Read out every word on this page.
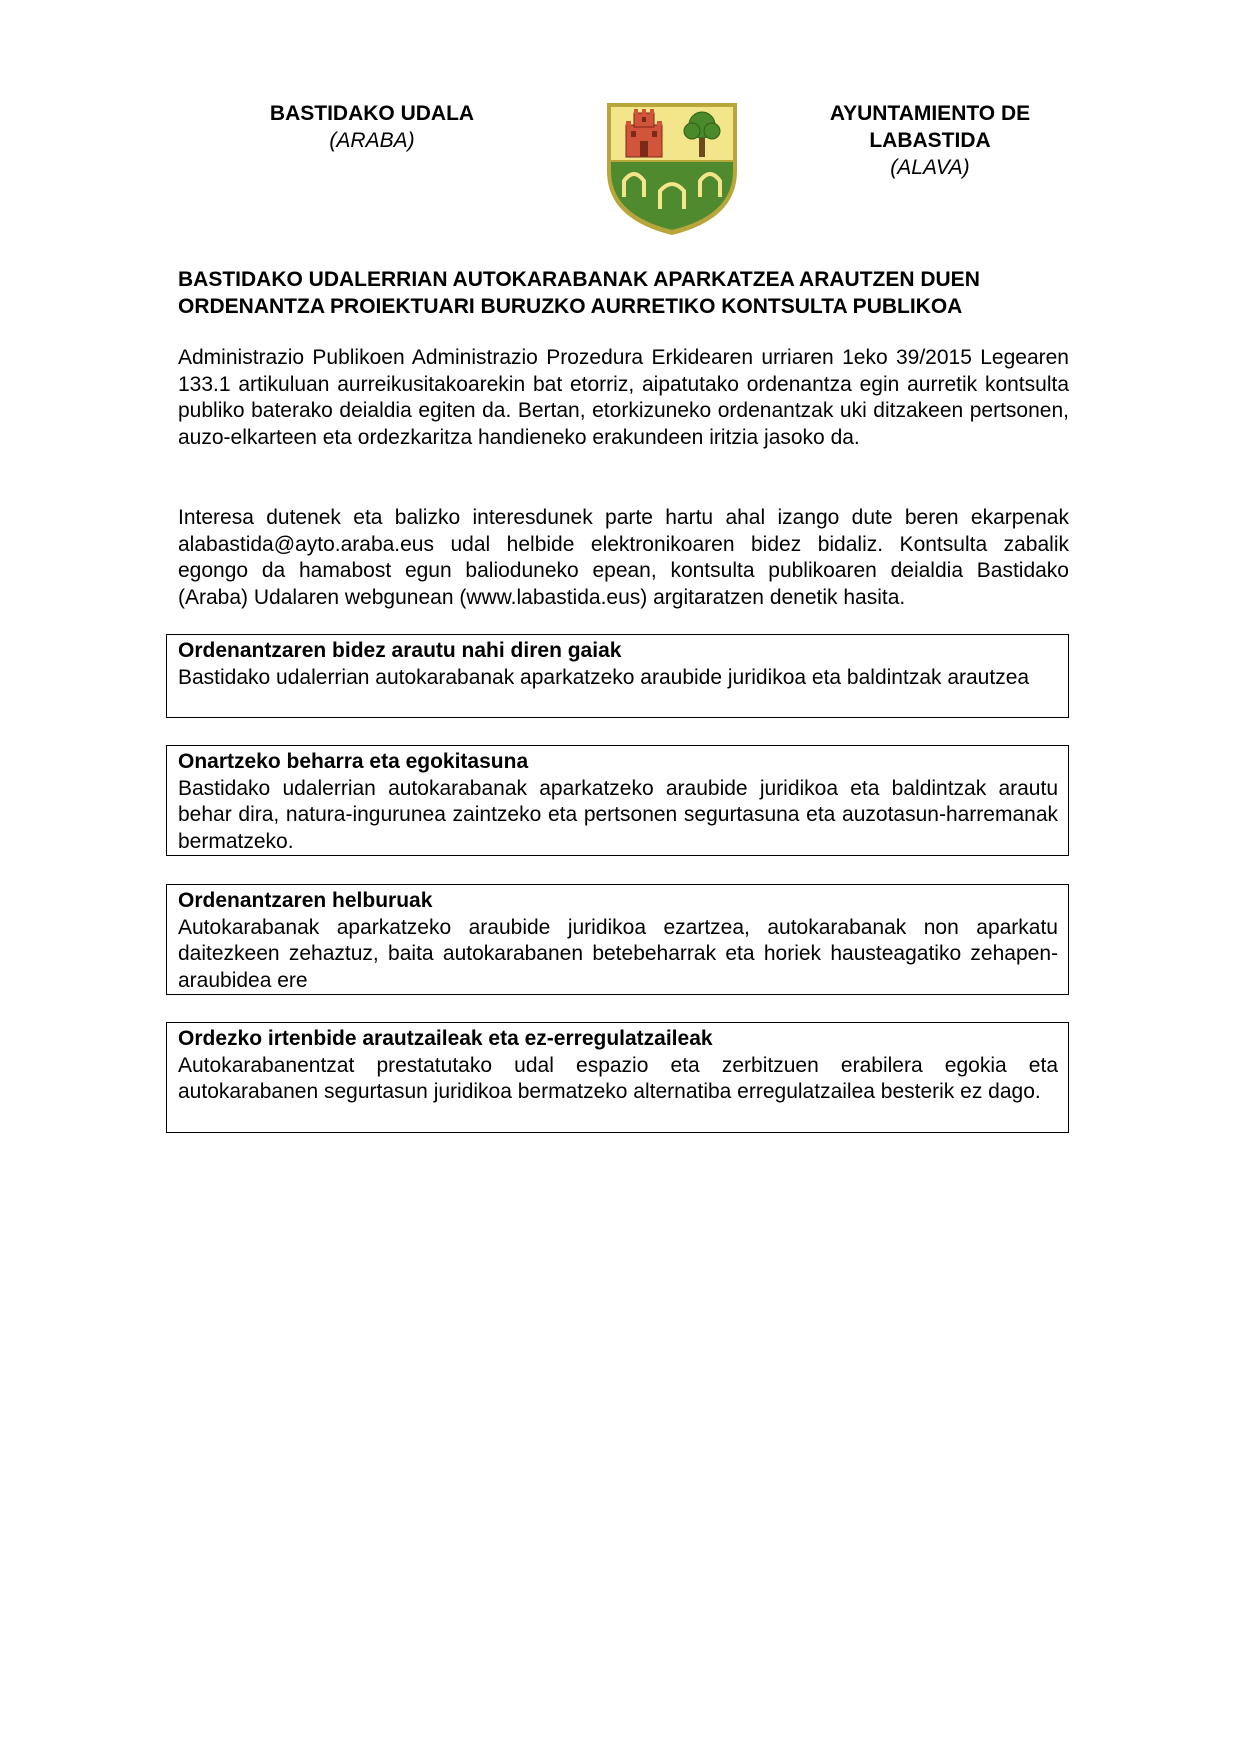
BASTIDAKO UDALA
(ARABA)
AYUNTAMIENTO DE
LABASTIDA
(ALAVA)
BASTIDAKO UDALERRIAN AUTOKARABANAK APARKATZEA ARAUTZEN DUEN
ORDENANTZA PROIEKTUARI BURUZKO AURRETIKO KONTSULTA PUBLIKOA
Administrazio Publikoen Administrazio Prozedura Erkidearen urriaren 1eko 39/2015 Legearen 133.1 artikuluan aurreikusitakoarekin bat etorriz, aipatutako ordenantza egin aurretik kontsulta publiko baterako deialdia egiten da. Bertan, etorkizuneko ordenantzak uki ditzakeen pertsonen, auzo-elkarteen eta ordezkaritza handieneko erakundeen iritzia jasoko da.
Interesa dutenek eta balizko interesdunek parte hartu ahal izango dute beren ekarpenak alabastida@ayto.araba.eus udal helbide elektronikoaren bidez bidaliz. Kontsulta zabalik egongo da hamabost egun balioduneko epean, kontsulta publikoaren deialdia Bastidako (Araba) Udalaren webgunean (www.labastida.eus) argitaratzen denetik hasita.
Ordenantzaren bidez arautu nahi diren gaiak
Bastidako udalerrian autokarabanak aparkatzeko araubide juridikoa eta baldintzak arautzea
Onartzeko beharra eta egokitasuna
Bastidako udalerrian autokarabanak aparkatzeko araubide juridikoa eta baldintzak arautu behar dira, natura-ingurunea zaintzeko eta pertsonen segurtasuna eta auzotasun-harremanak bermatzeko.
Ordenantzaren helburuak
Autokarabanak aparkatzeko araubide juridikoa ezartzea, autokarabanak non aparkatu daitezkeen zehaztuz, baita autokarabanen betebeharrak eta horiek hausteagatiko zehapen-araubidea ere
Ordezko irtenbide arautzaileak eta ez-erregulatzaileak
Autokarabanentzat prestatutako udal espazio eta zerbitzuen erabilera egokia eta autokarabanen segurtasun juridikoa bermatzeko alternatiba erregulatzailea besterik ez dago.
